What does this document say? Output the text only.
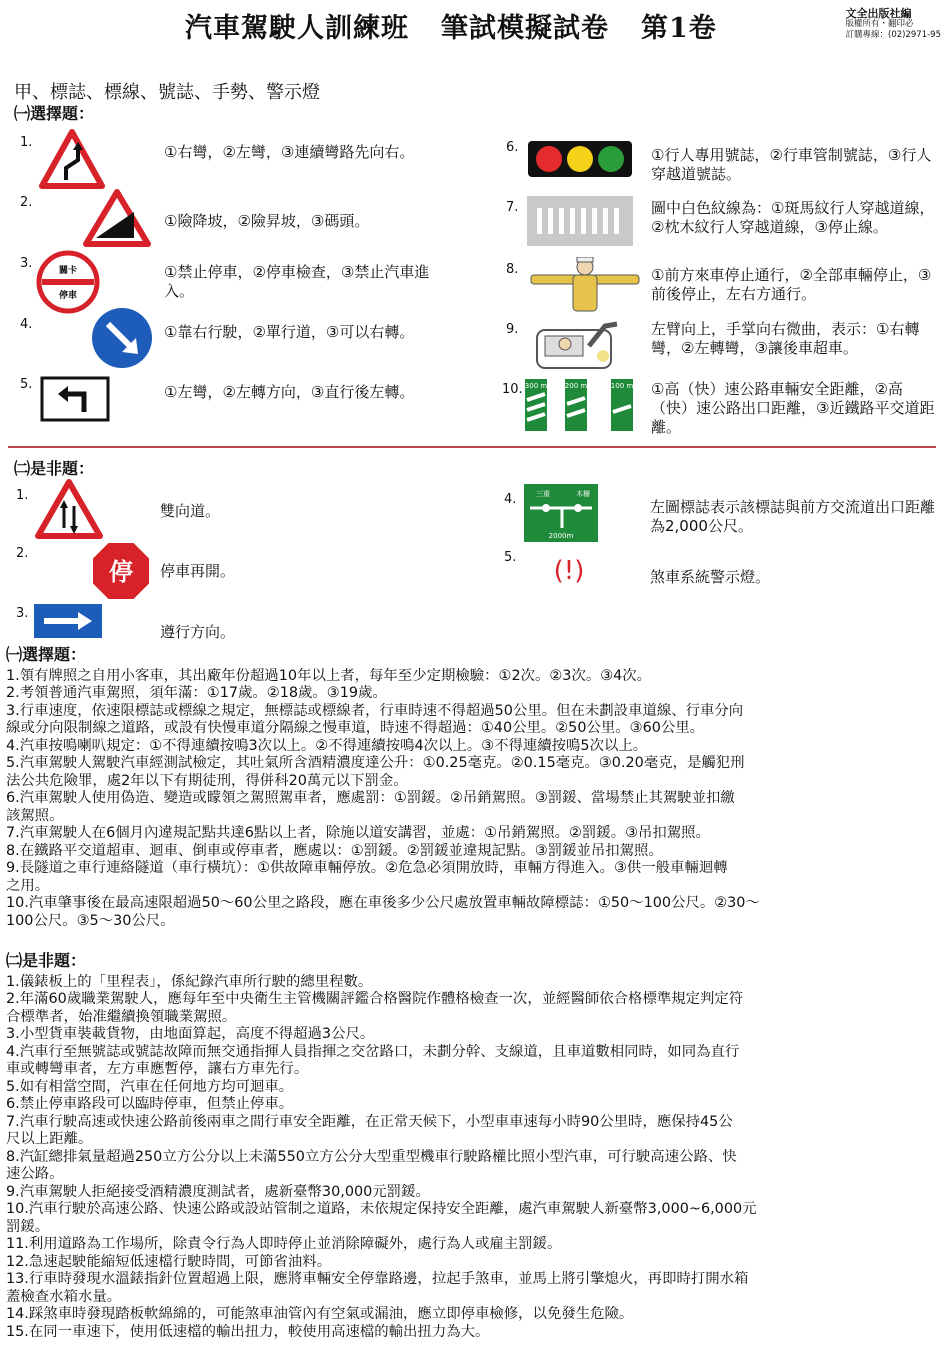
汽車駕駛人訓練班 筆試模擬試卷 第1卷	文全出版社編
版權所有・翻印必
訂購專線：(02)2971-95
甲、標誌、標線、號誌、手勢、警示燈
㈠選擇題：
1.
①右彎，②左彎，③連續彎路先向右。
2.
①險降坡，②險昇坡，③碼頭。
3.	關卡
停車
①禁止停車，②停車檢查，③禁止汽車進入。
4.	①靠右行駛，②單行道，③可以右轉。
5.	①左彎，②左轉方向，③直行後左轉。
6.	①行人專用號誌，②行車管制號誌，③行人穿越道號誌。
7.	圖中白色紋線為：①斑馬紋行人穿越道線，②枕木紋行人穿越道線，③停止線。
8.	①前方來車停止通行，②全部車輛停止，③前後停止，左右方通行。
9.	左臂向上，手掌向右微曲，表示：①右轉彎，②左轉彎，③讓後車超車。
10. 300 m	200 m	100 m ①高（快）速公路車輛安全距離，②高（快）速公路出口距離，③近鐵路平交道距離。
㈡是非題：
1.
雙向道。
2.
停 停車再開。
3.
遵行方向。
4.	三重	木柵
2000m
左圖標誌表示該標誌與前方交流道出口距離為2,000公尺。
5. (!)	煞車系統警示燈。
㈠選擇題：
1.領有牌照之自用小客車，其出廠年份超過10年以上者，每年至少定期檢驗：①2次。②3次。③4次。
2.考領普通汽車駕照，須年滿：①17歲。②18歲。③19歲。
3.行車速度，依速限標誌或標線之規定，無標誌或標線者，行車時速不得超過50公里。但在未劃設車道線、行車分向
線或分向限制線之道路，或設有快慢車道分隔線之慢車道，時速不得超過：①40公里。②50公里。③60公里。
4.汽車按鳴喇叭規定：①不得連續按鳴3次以上。②不得連續按鳴4次以上。③不得連續按鳴5次以上。
5.汽車駕駛人駕駛汽車經測試檢定，其吐氣所含酒精濃度達公升：①0.25毫克。②0.15毫克。③0.20毫克，是觸犯刑
法公共危險罪，處2年以下有期徒刑，得併科20萬元以下罰金。
6.汽車駕駛人使用偽造、變造或矇領之駕照駕車者，應處罰：①罰鍰。②吊銷駕照。③罰鍰、當場禁止其駕駛並扣繳
該駕照。
7.汽車駕駛人在6個月內違規記點共達6點以上者，除施以道安講習，並處：①吊銷駕照。②罰鍰。③吊扣駕照。
8.在鐵路平交道超車、迴車、倒車或停車者，應處以：①罰鍰。②罰鍰並違規記點。③罰鍰並吊扣駕照。
9.長隧道之車行連絡隧道（車行橫坑）：①供故障車輛停放。②危急必須開放時，車輛方得進入。③供一般車輛迴轉
之用。
10.汽車肇事後在最高速限超過50～60公里之路段，應在車後多少公尺處放置車輛故障標誌：①50～100公尺。②30～
100公尺。③5～30公尺。
㈡是非題：
1.儀錶板上的「里程表」，係紀錄汽車所行駛的總里程數。
2.年滿60歲職業駕駛人，應每年至中央衛生主管機關評鑑合格醫院作體格檢查一次，並經醫師依合格標準規定判定符
合標準者，始准繼續換領職業駕照。
3.小型貨車裝載貨物，由地面算起，高度不得超過3公尺。
4.汽車行至無號誌或號誌故障而無交通指揮人員指揮之交岔路口，未劃分幹、支線道，且車道數相同時，如同為直行
車或轉彎車者，左方車應暫停，讓右方車先行。
5.如有相當空間，汽車在任何地方均可迴車。
6.禁止停車路段可以臨時停車，但禁止停車。
7.汽車行駛高速或快速公路前後兩車之間行車安全距離，在正常天候下，小型車車速每小時90公里時，應保持45公
尺以上距離。
8.汽缸總排氣量超過250立方公分以上未滿550立方公分大型重型機車行駛路權比照小型汽車，可行駛高速公路、快
速公路。
9.汽車駕駛人拒絕接受酒精濃度測試者，處新臺幣30,000元罰鍰。
10.汽車行駛於高速公路、快速公路或設站管制之道路，未依規定保持安全距離，處汽車駕駛人新臺幣3,000~6,000元
罰鍰。
11.利用道路為工作場所，除責令行為人即時停止並消除障礙外，處行為人或雇主罰鍰。
12.急速起駛能縮短低速檔行駛時間，可節省油料。
13.行車時發現水溫錶指針位置超過上限，應將車輛安全停靠路邊，拉起手煞車，並馬上將引擎熄火，再即時打開水箱
蓋檢查水箱水量。
14.踩煞車時發現踏板軟綿綿的，可能煞車油管內有空氣或漏油，應立即停車檢修，以免發生危險。
15.在同一車速下，使用低速檔的輸出扭力，較使用高速檔的輸出扭力為大。
